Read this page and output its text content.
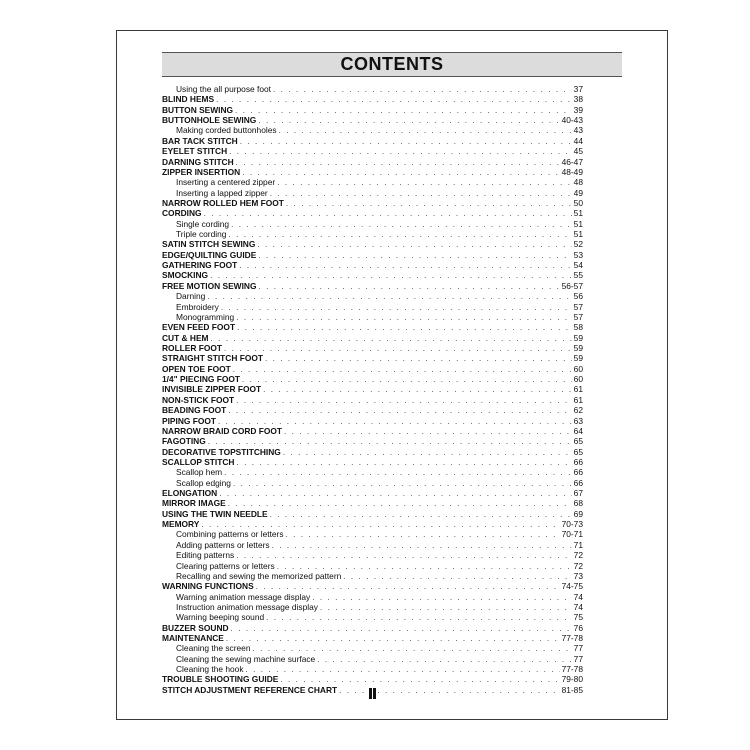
CONTENTS
Using the all purpose foot . . .	37
BLIND HEMS . . .	38
BUTTON SEWING . . .	39
BUTTONHOLE SEWING . . .	40-43
Making corded buttonholes . . .	43
BAR TACK STITCH . . .	44
EYELET STITCH . . .	45
DARNING STITCH . . .	46-47
ZIPPER INSERTION . . .	48-49
Inserting a centered zipper . . .	48
Inserting a lapped zipper . . .	49
NARROW ROLLED HEM FOOT . . .	50
CORDING . . .	51
Single cording . . .	51
Triple cording . . .	51
SATIN STITCH SEWING . . .	52
EDGE/QUILTING GUIDE . . .	53
GATHERING FOOT . . .	54
SMOCKING . . .	55
FREE MOTION SEWING . . .	56-57
Darning . . .	56
Embroidery . . .	57
Monogramming . . .	57
EVEN FEED FOOT . . .	58
CUT & HEM . . .	59
ROLLER FOOT . . .	59
STRAIGHT STITCH FOOT . . .	59
OPEN TOE FOOT . . .	60
1/4" PIECING FOOT . . .	60
INVISIBLE ZIPPER FOOT . . .	61
NON-STICK FOOT . . .	61
BEADING FOOT . . .	62
PIPING FOOT . . .	63
NARROW BRAID CORD FOOT . . .	64
FAGOTING . . .	65
DECORATIVE TOPSTITCHING . . .	65
SCALLOP STITCH . . .	66
Scallop hem . . .	66
Scallop edging . . .	66
ELONGATION . . .	67
MIRROR IMAGE . . .	68
USING THE TWIN NEEDLE . . .	69
MEMORY . . .	70-73
Combining patterns or letters . . .	70-71
Adding patterns or letters . . .	71
Editing patterns . . .	72
Clearing patterns or letters . . .	72
Recalling and sewing the memorized pattern . . .	73
WARNING FUNCTIONS . . .	74-75
Warning animation message display . . .	74
Instruction animation message display . . .	74
Warning beeping sound . . .	75
BUZZER SOUND . . .	76
MAINTENANCE . . .	77-78
Cleaning the screen . . .	77
Cleaning the sewing machine surface . . .	77
Cleaning the hook . . .	77-78
TROUBLE SHOOTING GUIDE . . .	79-80
STITCH ADJUSTMENT REFERENCE CHART . . .	81-85
